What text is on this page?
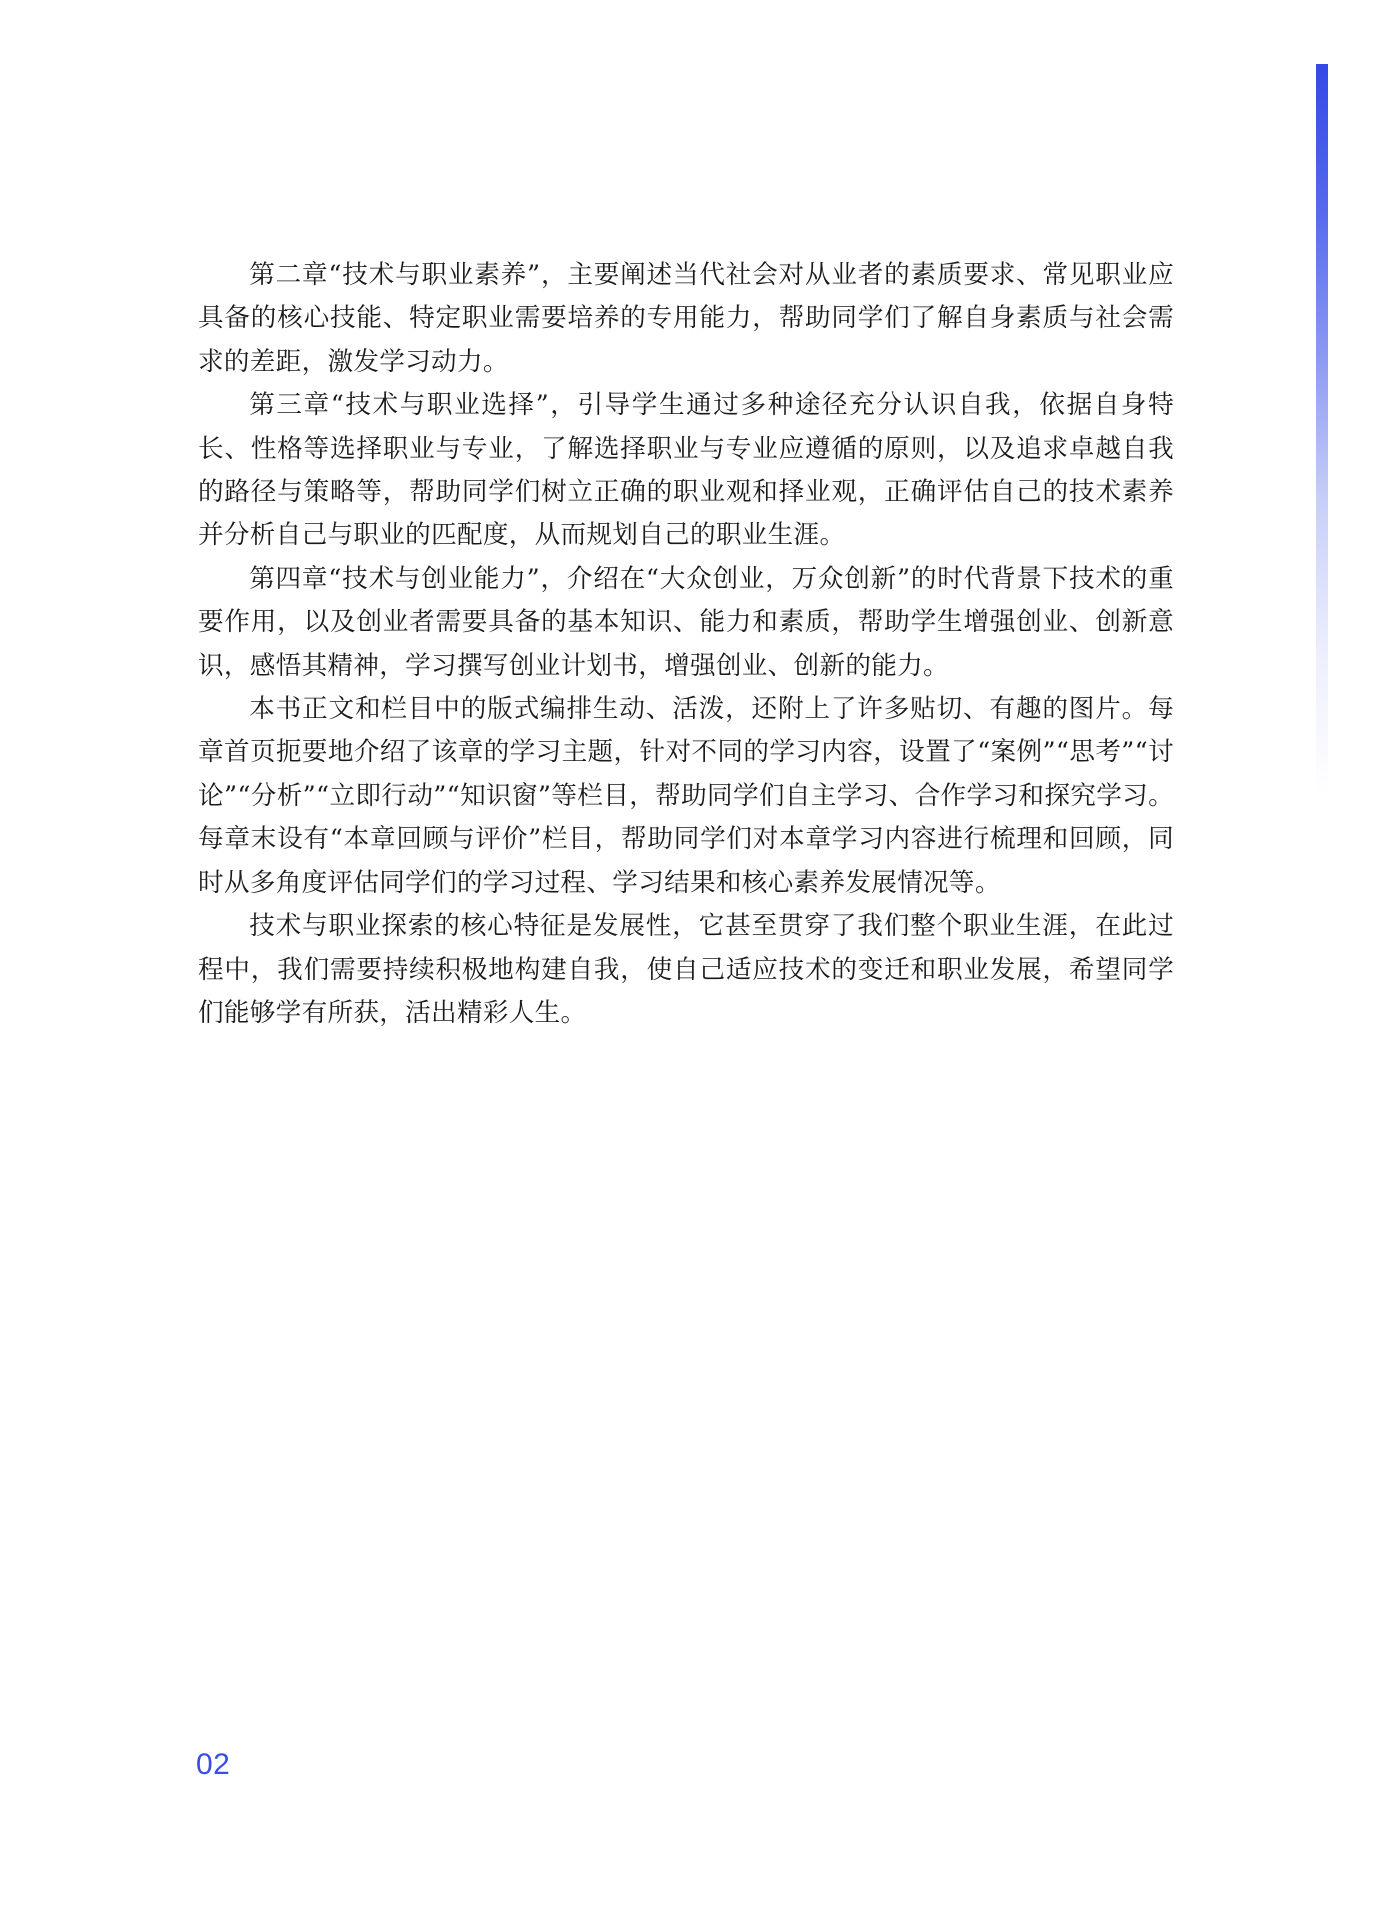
第二章“技术与职业素养”，主要阐述当代社会对从业者的素质要求、常见职业应具备的核心技能、特定职业需要培养的专用能力，帮助同学们了解自身素质与社会需求的差距，激发学习动力。

第三章“技术与职业选择”，引导学生通过多种途径充分认识自我，依据自身特长、性格等选择职业与专业，了解选择职业与专业应遵循的原则，以及追求卓越自我的路径与策略等，帮助同学们树立正确的职业观和择业观，正确评估自己的技术素养并分析自己与职业的匹配度，从而规划自己的职业生涯。

第四章“技术与创业能力”，介绍在“大众创业，万众创新”的时代背景下技术的重要作用，以及创业者需要具备的基本知识、能力和素质，帮助学生增强创业、创新意识，感悟其精神，学习撰写创业计划书，增强创业、创新的能力。

本书正文和栏目中的版式编排生动、活泼，还附上了许多贴切、有趣的图片。每章首页扼要地介绍了该章的学习主题，针对不同的学习内容，设置了“案例”“思考”“讨论”“分析”“立即行动”“知识窗”等栏目，帮助同学们自主学习、合作学习和探究学习。每章末设有“本章回顾与评价”栏目，帮助同学们对本章学习内容进行梳理和回顾，同时从多角度评估同学们的学习过程、学习结果和核心素养发展情况等。

技术与职业探索的核心特征是发展性，它甚至贯穿了我们整个职业生涯，在此过程中，我们需要持续积极地构建自我，使自己适应技术的变迁和职业发展，希望同学们能够学有所获，活出精彩人生。

02
